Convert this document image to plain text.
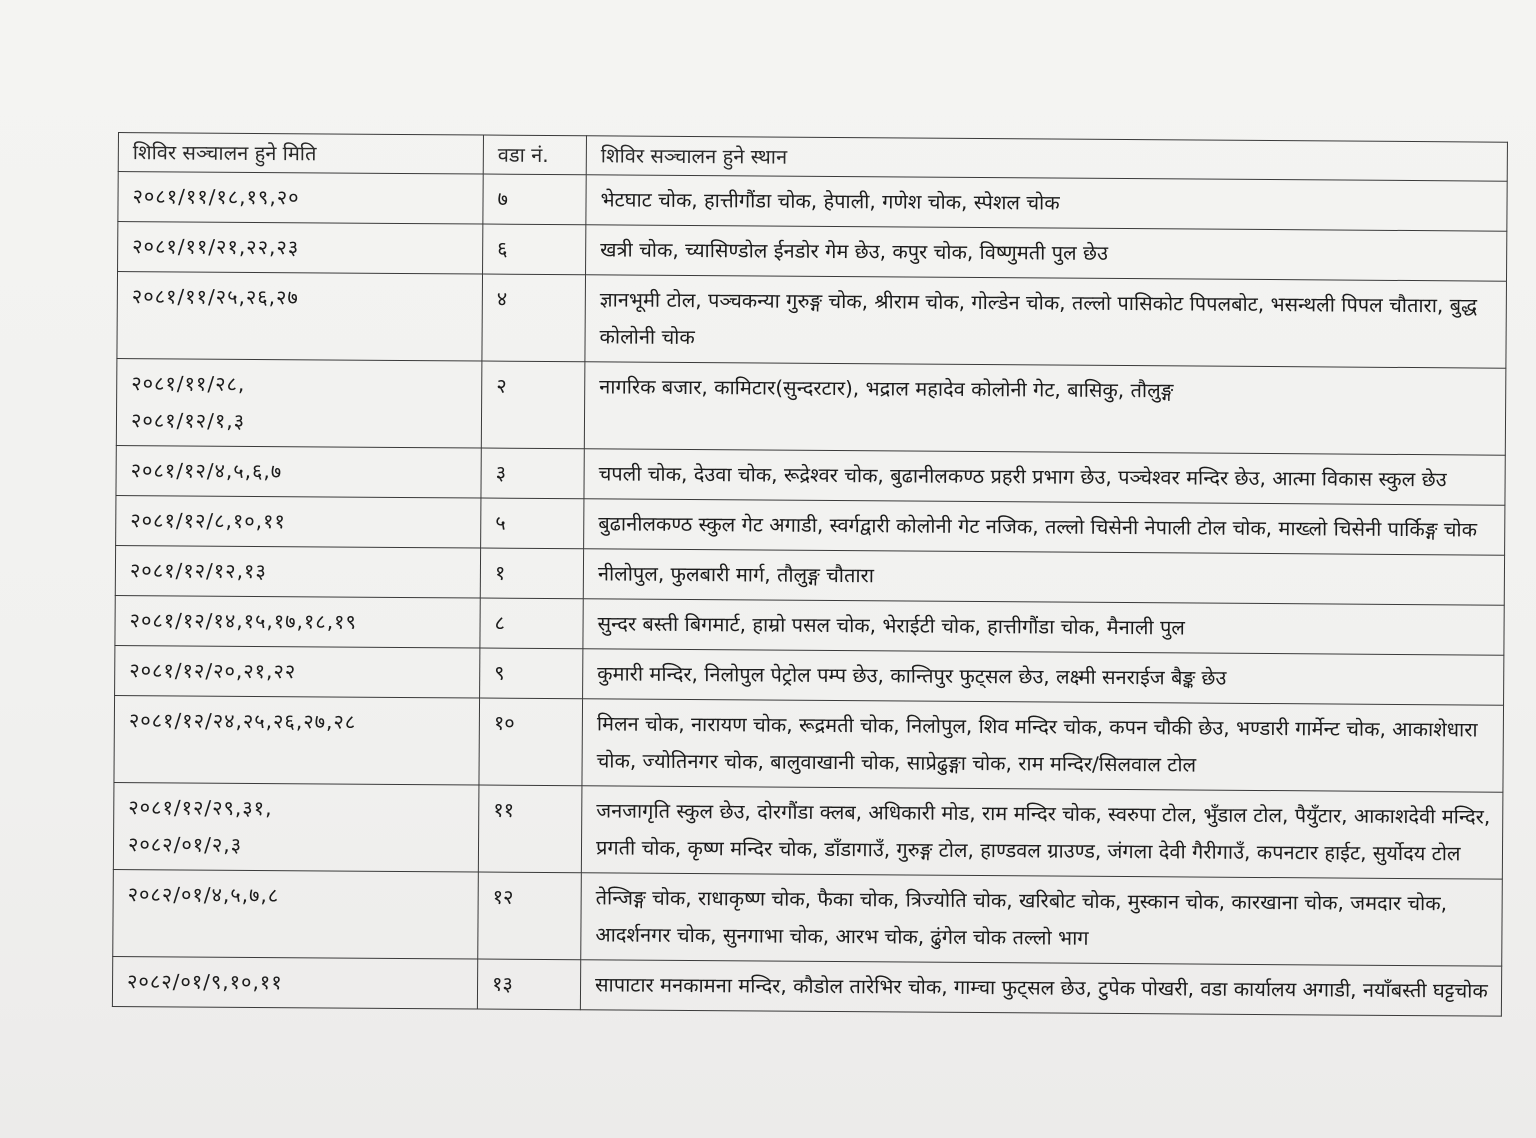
शिविर सञ्चालन हुने मिति	वडा नं.	शिविर सञ्चालन हुने स्थान

२०८१/११/१८,१९,२०	७	भेटघाट चोक, हात्तीगौंडा चोक, हेपाली, गणेश चोक, स्पेशल चोक

२०८१/११/२१,२२,२३	६	खत्री चोक, च्यासिण्डोल ईनडोर गेम छेउ, कपुर चोक, विष्णुमती पुल छेउ

२०८१/११/२५,२६,२७	४	ज्ञानभूमी टोल, पञ्चकन्या गुरुङ्ग चोक, श्रीराम चोक, गोल्डेन चोक, तल्लो पासिकोट पिपलबोट, भसन्थली पिपल चौतारा, बुद्ध कोलोनी चोक

२०८१/११/२८,
२०८१/१२/१,३	२	नागरिक बजार, कामिटार(सुन्दरटार), भद्राल महादेव कोलोनी गेट, बासिकु, तौलुङ्ग

२०८१/१२/४,५,६,७	३	चपली चोक, देउवा चोक, रूद्रेश्वर चोक, बुढानीलकण्ठ प्रहरी प्रभाग छेउ, पञ्चेश्वर मन्दिर छेउ, आत्मा विकास स्कुल छेउ

२०८१/१२/८,१०,११	५	बुढानीलकण्ठ स्कुल गेट अगाडी, स्वर्गद्वारी कोलोनी गेट नजिक, तल्लो चिसेनी नेपाली टोल चोक, माख्लो चिसेनी पार्किङ्ग चोक

२०८१/१२/१२,१३	१	नीलोपुल, फुलबारी मार्ग, तौलुङ्ग चौतारा

२०८१/१२/१४,१५,१७,१८,१९	८	सुन्दर बस्ती बिगमार्ट, हाम्रो पसल चोक, भेराईटी चोक, हात्तीगौंडा चोक, मैनाली पुल

२०८१/१२/२०,२१,२२	९	कुमारी मन्दिर, निलोपुल पेट्रोल पम्प छेउ, कान्तिपुर फुट्सल छेउ, लक्ष्मी सनराईज बैङ्क छेउ

२०८१/१२/२४,२५,२६,२७,२८	१०	मिलन चोक, नारायण चोक, रूद्रमती चोक, निलोपुल, शिव मन्दिर चोक, कपन चौकी छेउ, भण्डारी गार्मेन्ट चोक, आकाशेधारा चोक, ज्योतिनगर चोक, बालुवाखानी चोक, साप्रेढुङ्गा चोक, राम मन्दिर/सिलवाल टोल

२०८१/१२/२९,३१,
२०८२/०१/२,३	११	जनजागृति स्कुल छेउ, दोरगौंडा क्लब, अधिकारी मोड, राम मन्दिर चोक, स्वरुपा टोल, भुँडाल टोल, पैयुँटार, आकाशदेवी मन्दिर, प्रगती चोक, कृष्ण मन्दिर चोक, डाँडागाउँ, गुरुङ्ग टोल, हाण्डवल ग्राउण्ड, जंगला देवी गैरीगाउँ, कपनटार हाईट, सुर्योदय टोल

२०८२/०१/४,५,७,८	१२	तेन्जिङ्ग चोक, राधाकृष्ण चोक, फैका चोक, त्रिज्योति चोक, खरिबोट चोक, मुस्कान चोक, कारखाना चोक, जमदार चोक, आदर्शनगर चोक, सुनगाभा चोक, आरभ चोक, ढुंगेल चोक तल्लो भाग

२०८२/०१/९,१०,११	१३	सापाटार मनकामना मन्दिर, कौडोल तारेभिर चोक, गाम्चा फुट्सल छेउ, टुपेक पोखरी, वडा कार्यालय अगाडी, नयाँबस्ती घट्टचोक
